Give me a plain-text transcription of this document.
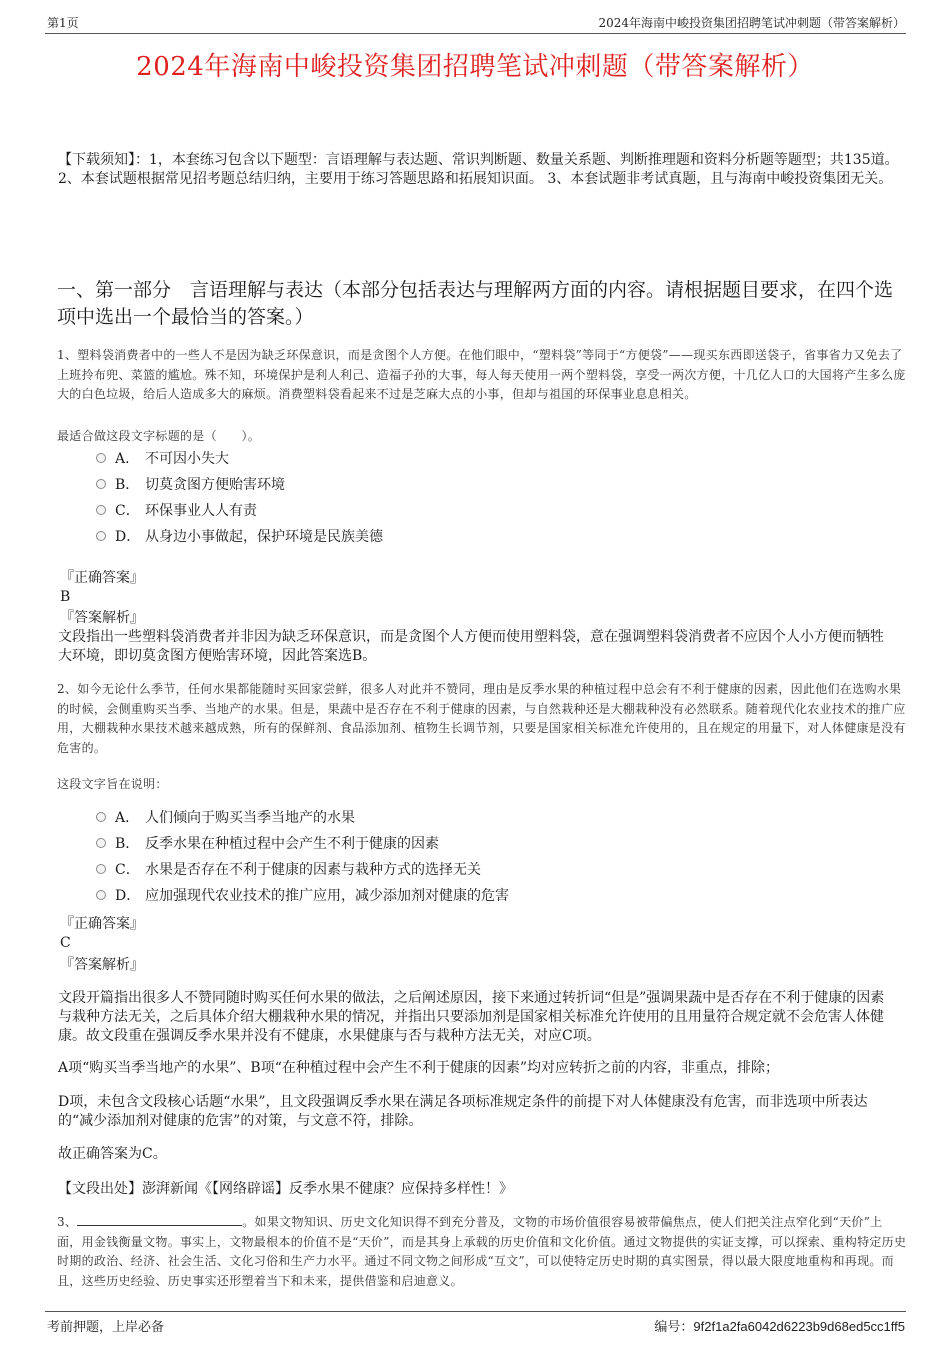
第1页	2024年海南中峻投资集团招聘笔试冲刺题（带答案解析）
2024年海南中峻投资集团招聘笔试冲刺题（带答案解析）
【下载须知】：1，本套练习包含以下题型：言语理解与表达题、常识判断题、数量关系题、判断推理题和资料分析题等题型；共135道。 2、本套试题根据常见招考题总结归纳，主要用于练习答题思路和拓展知识面。 3、本套试题非考试真题，且与海南中峻投资集团无关。
一、第一部分　言语理解与表达（本部分包括表达与理解两方面的内容。请根据题目要求，在四个选项中选出一个最恰当的答案。）
1、塑料袋消费者中的一些人不是因为缺乏环保意识，而是贪图个人方便。在他们眼中，“塑料袋”等同于“方便袋”——现买东西即送袋子，省事省力又免去了上班拎布兜、菜篮的尴尬。殊不知，环境保护是利人利己、造福子孙的大事，每人每天使用一两个塑料袋，享受一两次方便，十几亿人口的大国将产生多么庞大的白色垃圾，给后人造成多大的麻烦。消费塑料袋看起来不过是芝麻大点的小事，但却与祖国的环保事业息息相关。
最适合做这段文字标题的是（　　）。
A． 不可因小失大
B． 切莫贪图方便贻害环境
C． 环保事业人人有责
D． 从身边小事做起，保护环境是民族美德
『正确答案』
B
『答案解析』
文段指出一些塑料袋消费者并非因为缺乏环保意识，而是贪图个人方便而使用塑料袋，意在强调塑料袋消费者不应因个人小方便而牺牲大环境，即切莫贪图方便贻害环境，因此答案选B。
2、如今无论什么季节，任何水果都能随时买回家尝鲜，很多人对此并不赞同，理由是反季水果的种植过程中总会有不利于健康的因素，因此他们在选购水果的时候，会侧重购买当季、当地产的水果。但是，果蔬中是否存在不利于健康的因素，与自然栽种还是大棚栽种没有必然联系。随着现代化农业技术的推广应用，大棚栽种水果技术越来越成熟，所有的保鲜剂、食品添加剂、植物生长调节剂，只要是国家相关标准允许使用的，且在规定的用量下，对人体健康是没有危害的。
这段文字旨在说明：
A． 人们倾向于购买当季当地产的水果
B． 反季水果在种植过程中会产生不利于健康的因素
C． 水果是否存在不利于健康的因素与栽种方式的选择无关
D． 应加强现代农业技术的推广应用，减少添加剂对健康的危害
『正确答案』
C
『答案解析』
文段开篇指出很多人不赞同随时购买任何水果的做法，之后阐述原因，接下来通过转折词“但是”强调果蔬中是否存在不利于健康的因素与栽种方法无关，之后具体介绍大棚栽种水果的情况，并指出只要添加剂是国家相关标准允许使用的且用量符合规定就不会危害人体健康。故文段重在强调反季水果并没有不健康，水果健康与否与栽种方法无关，对应C项。
A项“购买当季当地产的水果”、B项“在种植过程中会产生不利于健康的因素”均对应转折之前的内容，非重点，排除；
D项，未包含文段核心话题“水果”，且文段强调反季水果在满足各项标准规定条件的前提下对人体健康没有危害，而非选项中所表达的“减少添加剂对健康的危害”的对策，与文意不符，排除。
故正确答案为C。
【文段出处】澎湃新闻《【网络辟谣】反季水果不健康？应保持多样性！》
3、	。如果文物知识、历史文化知识得不到充分普及，文物的市场价值很容易被带偏焦点，使人们把关注点窄化到“天价”上面，用金钱衡量文物。事实上，文物最根本的价值不是“天价”，而是其身上承载的历史价值和文化价值。通过文物提供的实证支撑，可以探索、重构特定历史时期的政治、经济、社会生活、文化习俗和生产力水平。通过不同文物之间形成“互文”，可以使特定历史时期的真实图景，得以最大限度地重构和再现。而且，这些历史经验、历史事实还形塑着当下和未来，提供借鉴和启迪意义。
考前押题，上岸必备	编号：9f2f1a2fa6042d6223b9d68ed5cc1ff5
